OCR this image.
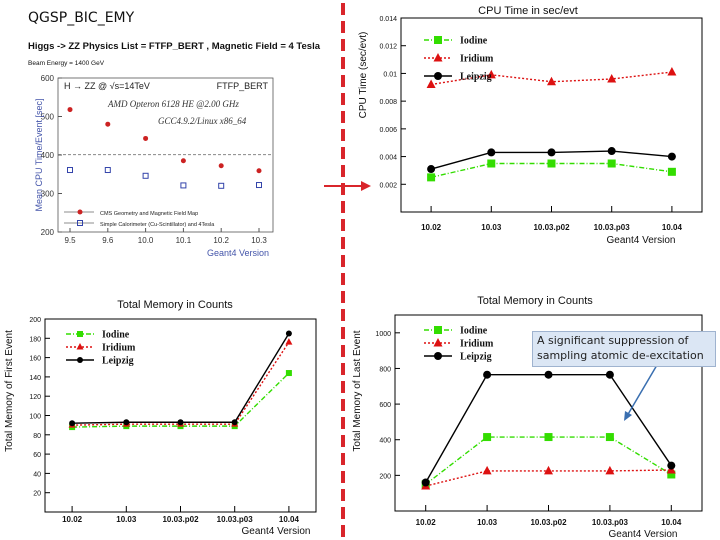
QGSP_BIC_EMY
Higgs -> ZZ Physics List = FTFP_BERT , Magnetic Field = 4 Tesla
Beam Energy = 1400 GeV
H → ZZ @ √s=14TeV	FTFP_BERT
AMD Opteron 6128 HE @2.00 GHz
GCC4.9.2/Linux x86_64
200
300
400
500
600
9.5	9.6	10.0	10.1	10.2	10.3
Geant4 Version
Mean CPU Time/Event [sec]
CMS Geometry and Magnetic Field Map
Simple Calorimeter (Cu-Scintillator) and 4Tesla
CPU Time in sec/evt
0.002
0.004
0.006
0.008
0.01
0.012
0.014
10.02	10.03	10.03.p02	10.03.p03	10.04
Geant4 Version
CPU Time (sec/evt)	Iodine
Iridium
Leipzig
Total Memory in Counts
20
40
60
80
100
120
140
160
180
200
10.02	10.03	10.03.p02 10.03.p03	10.04
Geant4 Version
Total Memory of First Event	Iodine
Iridium
Leipzig
Total Memory in Counts
200
400
600
800
1000
10.02	10.03	10.03.p02	10.03.p03	10.04
Geant4 Version
Total Memory of Last Event	Iodine
Iridium
Leipzig
A significant suppression of sampling atomic de-excitation
